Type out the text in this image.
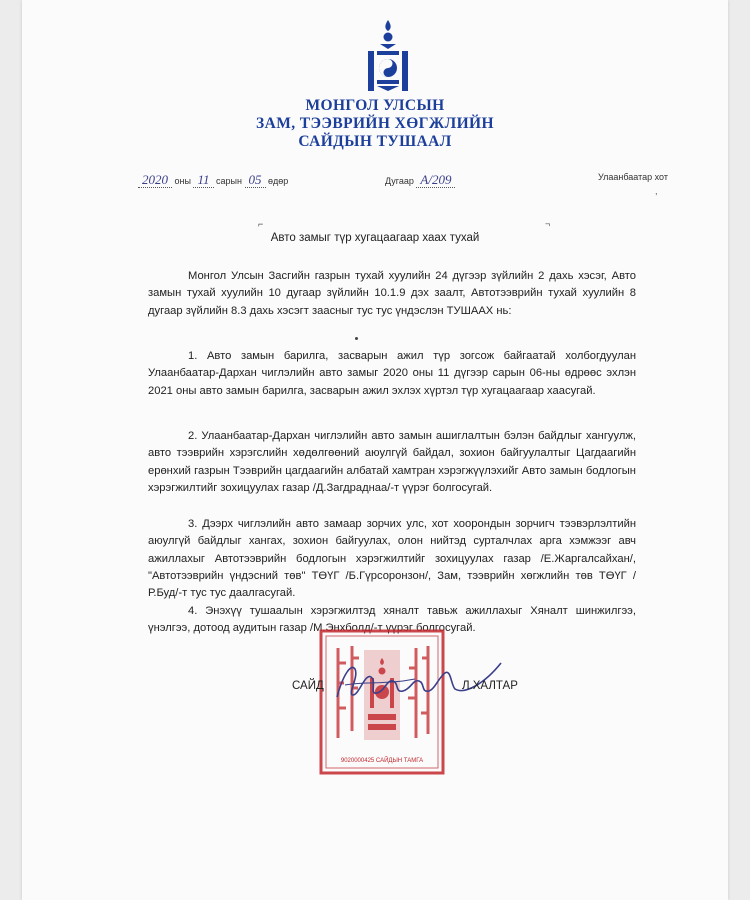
МОНГОЛ УЛСЫН
ЗАМ, ТЭЭВРИЙН ХӨГЖЛИЙН
САЙДЫН ТУШААЛ
2020 оны 11 сарын 05 өдөр	Дугаар А/209	Улаанбаатар хот
,
⌐	¬
Авто замыг түр хугацаагаар хаах тухай

Монгол Улсын Засгийн газрын тухай хуулийн 24 дүгээр зүйлийн 2 дахь хэсэг, Авто замын тухай хуулийн 10 дугаар зүйлийн 10.1.9 дэх заалт, Автотээврийн тухай хуулийн 8 дугаар зүйлийн 8.3 дахь хэсэгт заасныг тус тус үндэслэн ТУШААХ нь:

1. Авто замын барилга, засварын ажил түр зогсож байгаатай холбогдуулан Улаанбаатар-Дархан чиглэлийн авто замыг 2020 оны 11 дүгээр сарын 06-ны өдрөөс эхлэн 2021 оны авто замын барилга, засварын ажил эхлэх хүртэл түр хугацаагаар хаасугай.

2. Улаанбаатар-Дархан чиглэлийн авто замын ашиглалтын бэлэн байдлыг хангуулж, авто тээврийн хэрэгслийн хөдөлгөөний аюулгүй байдал, зохион байгуулалтыг Цагдаагийн ерөнхий газрын Тээврийн цагдаагийн албатай хамтран хэрэгжүүлэхийг Авто замын бодлогын хэрэгжилтийг зохицуулах газар /Д.Загдраднаа/-т үүрэг болгосугай.

3. Дээрх чиглэлийн авто замаар зорчих улс, хот хоорондын зорчигч тээвэрлэлтийн аюулгүй байдлыг хангах, зохион байгуулах, олон нийтэд сурталчлах арга хэмжээг авч ажиллахыг Автотээврийн бодлогын хэрэгжилтийг зохицуулах газар /Е.Жаргалсайхан/, "Автотээврийн үндэсний төв" ТӨҮГ /Б.Гүрсоронзон/, Зам, тээврийн хөгжлийн төв ТӨҮГ /Р.Буд/-т тус тус даалгасугай.

4. Энэхүү тушаалын хэрэгжилтэд хяналт тавьж ажиллахыг Хяналт шинжилгээ, үнэлгээ, дотоод аудитын газар /М.Энхболд/-т үүрэг болгосугай.

9020000425 САЙДЫН ТАМГА
САЙД	Л.ХАЛТАР
